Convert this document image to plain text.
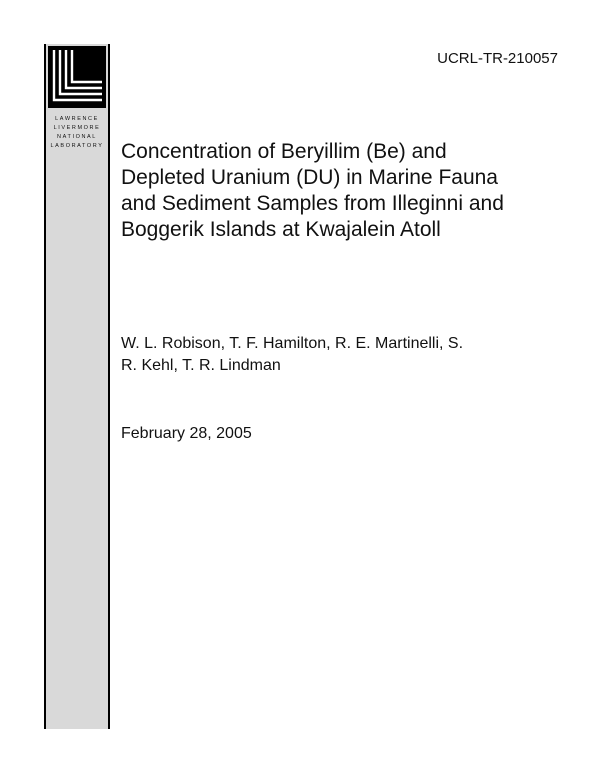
LAWRENCE
LIVERMORE
NATIONAL
LABORATORY
UCRL-TR-210057
Concentration of Beryillim (Be) and
Depleted Uranium (DU) in Marine Fauna
and Sediment Samples from Illeginni and
Boggerik Islands at Kwajalein Atoll
W. L. Robison, T. F. Hamilton, R. E. Martinelli, S.
R. Kehl, T. R. Lindman
February 28, 2005
